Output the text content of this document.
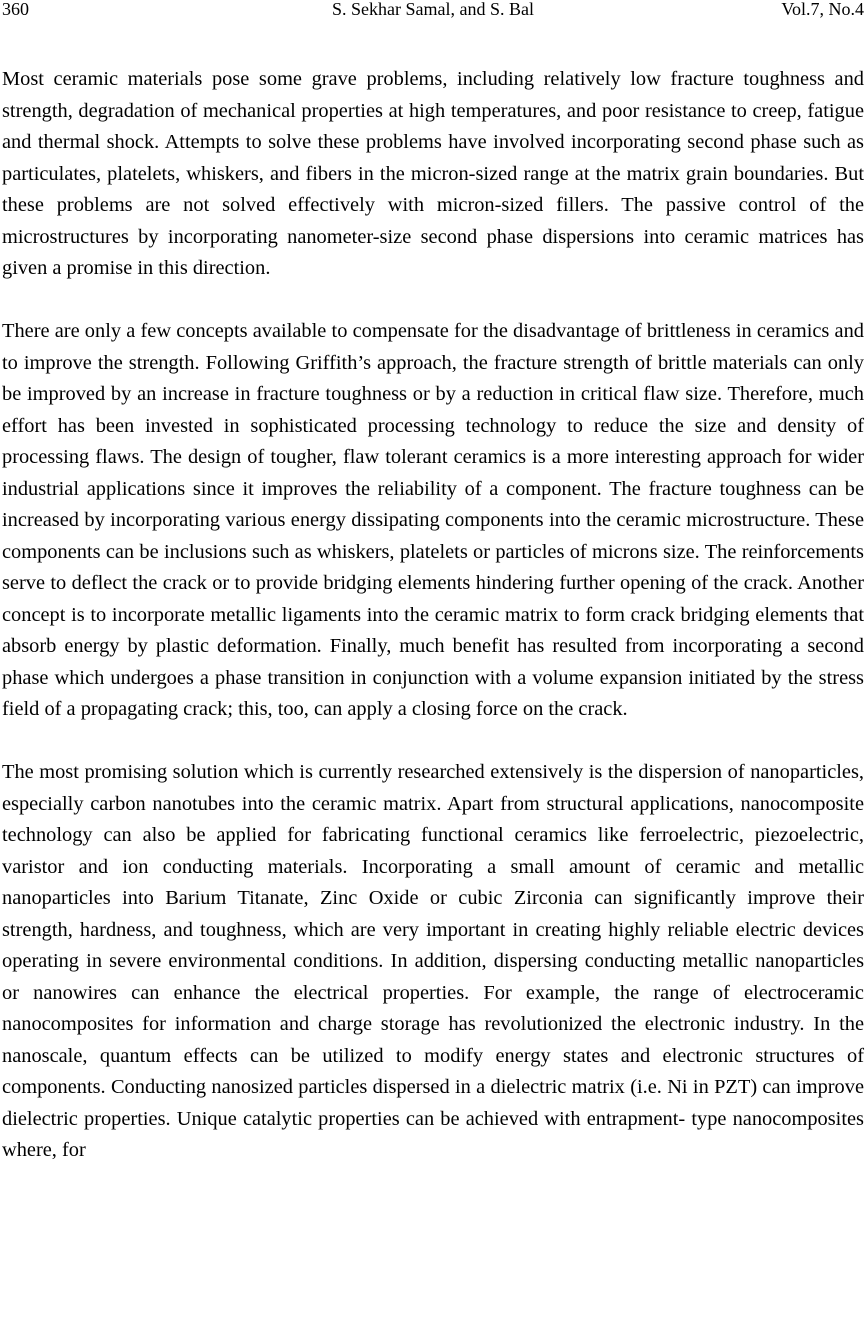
360	S. Sekhar Samal, and S. Bal	Vol.7, No.4

Most ceramic materials pose some grave problems, including relatively low fracture toughness and strength, degradation of mechanical properties at high temperatures, and poor resistance to creep, fatigue and thermal shock. Attempts to solve these problems have involved incorporating second phase such as particulates, platelets, whiskers, and fibers in the micron-sized range at the matrix grain boundaries. But these problems are not solved effectively with micron-sized fillers. The passive control of the microstructures by incorporating nanometer-size second phase dispersions into ceramic matrices has given a promise in this direction.

There are only a few concepts available to compensate for the disadvantage of brittleness in ceramics and to improve the strength. Following Griffith’s approach, the fracture strength of brittle materials can only be improved by an increase in fracture toughness or by a reduction in critical flaw size. Therefore, much effort has been invested in sophisticated processing technology to reduce the size and density of processing flaws. The design of tougher, flaw tolerant ceramics is a more interesting approach for wider industrial applications since it improves the reliability of a component. The fracture toughness can be increased by incorporating various energy dissipating components into the ceramic microstructure. These components can be inclusions such as whiskers, platelets or particles of microns size. The reinforcements serve to deflect the crack or to provide bridging elements hindering further opening of the crack. Another concept is to incorporate metallic ligaments into the ceramic matrix to form crack bridging elements that absorb energy by plastic deformation. Finally, much benefit has resulted from incorporating a second phase which undergoes a phase transition in conjunction with a volume expansion initiated by the stress field of a propagating crack; this, too, can apply a closing force on the crack.

The most promising solution which is currently researched extensively is the dispersion of nanoparticles, especially carbon nanotubes into the ceramic matrix. Apart from structural applications, nanocomposite technology can also be applied for fabricating functional ceramics like ferroelectric, piezoelectric, varistor and ion conducting materials. Incorporating a small amount of ceramic and metallic nanoparticles into Barium Titanate, Zinc Oxide or cubic Zirconia can significantly improve their strength, hardness, and toughness, which are very important in creating highly reliable electric devices operating in severe environmental conditions. In addition, dispersing conducting metallic nanoparticles or nanowires can enhance the electrical properties. For example, the range of electroceramic nanocomposites for information and charge storage has revolutionized the electronic industry. In the nanoscale, quantum effects can be utilized to modify energy states and electronic structures of components. Conducting nanosized particles dispersed in a dielectric matrix (i.e. Ni in PZT) can improve dielectric properties. Unique catalytic properties can be achieved with entrapment- type nanocomposites where, for
